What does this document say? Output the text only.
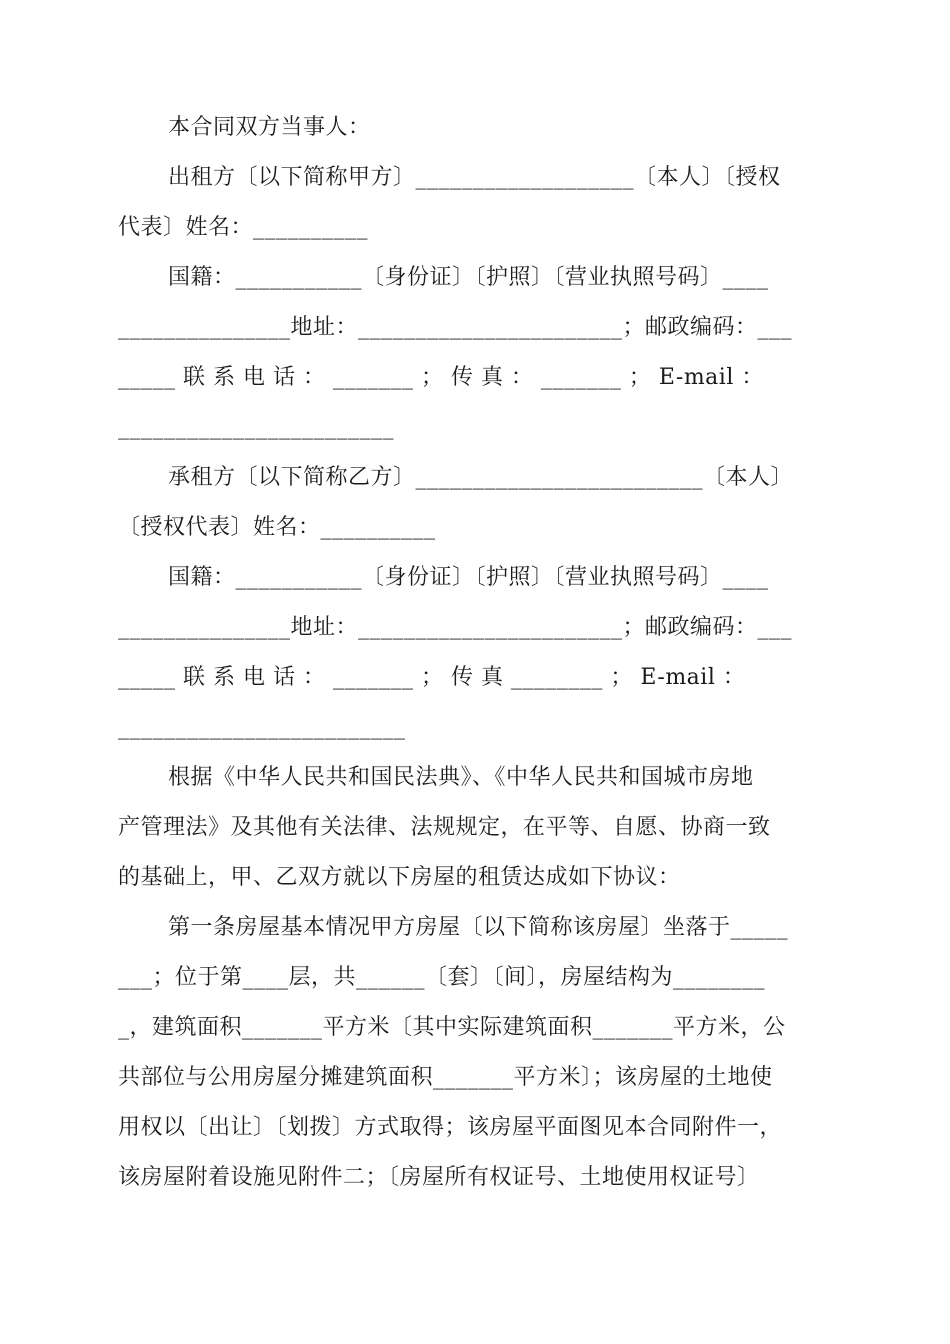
本合同双方当事人：
出租方〔以下简称甲方〕___________________〔本人〕〔授权
代表〕姓名：__________
国籍：___________〔身份证〕〔护照〕〔营业执照号码〕____
_______________地址：_______________________；邮政编码：___
_____ 联 系 电 话 ： _______ ； 传 真 ： _______ ； E-mail ：
________________________
承租方〔以下简称乙方〕_________________________〔本人〕
〔授权代表〕姓名：__________
国籍：___________〔身份证〕〔护照〕〔营业执照号码〕____
_______________地址：_______________________；邮政编码：___
_____ 联 系 电 话 ： _______ ； 传 真 ________ ； E-mail ：
_________________________
根据《中华人民共和国民法典》、《中华人民共和国城市房地
产管理法》及其他有关法律、法规规定，在平等、自愿、协商一致
的基础上，甲、乙双方就以下房屋的租赁达成如下协议：
第一条房屋基本情况甲方房屋〔以下简称该房屋〕坐落于_____
___；位于第____层，共______〔套〕〔间〕，房屋结构为________
_，建筑面积_______平方米〔其中实际建筑面积_______平方米，公
共部位与公用房屋分摊建筑面积_______平方米〕；该房屋的土地使
用权以〔出让〕〔划拨〕方式取得；该房屋平面图见本合同附件一，
该房屋附着设施见附件二；〔房屋所有权证号、土地使用权证号〕
